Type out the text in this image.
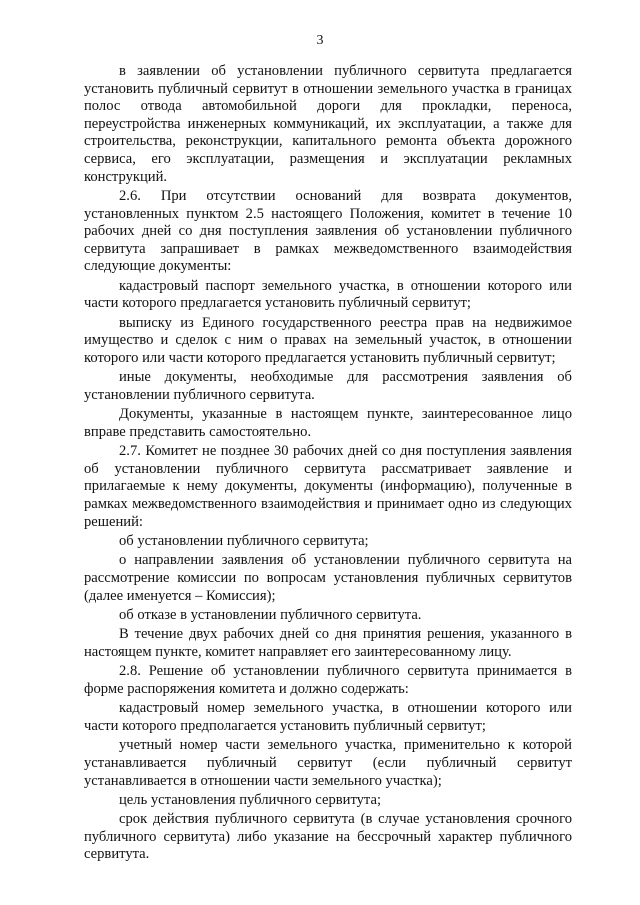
3

в заявлении об установлении публичного сервитута предлагается установить публичный сервитут в отношении земельного участка в границах полос отвода автомобильной дороги для прокладки, переноса, переустройства инженерных коммуникаций, их эксплуатации, а также для строительства, реконструкции, капитального ремонта объекта дорожного сервиса, его эксплуатации, размещения и эксплуатации рекламных конструкций.

2.6. При отсутствии оснований для возврата документов, установленных пунктом 2.5 настоящего Положения, комитет в течение 10 рабочих дней со дня поступления заявления об установлении публичного сервитута запрашивает в рамках межведомственного взаимодействия следующие документы:

кадастровый паспорт земельного участка, в отношении которого или части которого предлагается установить публичный сервитут;

выписку из Единого государственного реестра прав на недвижимое имущество и сделок с ним о правах на земельный участок, в отношении которого или части которого предлагается установить публичный сервитут;

иные документы, необходимые для рассмотрения заявления об установлении публичного сервитута.

Документы, указанные в настоящем пункте, заинтересованное лицо вправе представить самостоятельно.

2.7. Комитет не позднее 30 рабочих дней со дня поступления заявления об установлении публичного сервитута рассматривает заявление и прилагаемые к нему документы, документы (информацию), полученные в рамках межведомственного взаимодействия и принимает одно из следующих решений:

об установлении публичного сервитута;

о направлении заявления об установлении публичного сервитута на рассмотрение комиссии по вопросам установления публичных сервитутов (далее именуется – Комиссия);

об отказе в установлении публичного сервитута.

В течение двух рабочих дней со дня принятия решения, указанного в настоящем пункте, комитет направляет его заинтересованному лицу.

2.8. Решение об установлении публичного сервитута принимается в форме распоряжения комитета и должно содержать:

кадастровый номер земельного участка, в отношении которого или части которого предполагается установить публичный сервитут;

учетный номер части земельного участка, применительно к которой устанавливается публичный сервитут (если публичный сервитут устанавливается в отношении части земельного участка);

цель установления публичного сервитута;

срок действия публичного сервитута (в случае установления срочного публичного сервитута) либо указание на бессрочный характер публичного сервитута.
